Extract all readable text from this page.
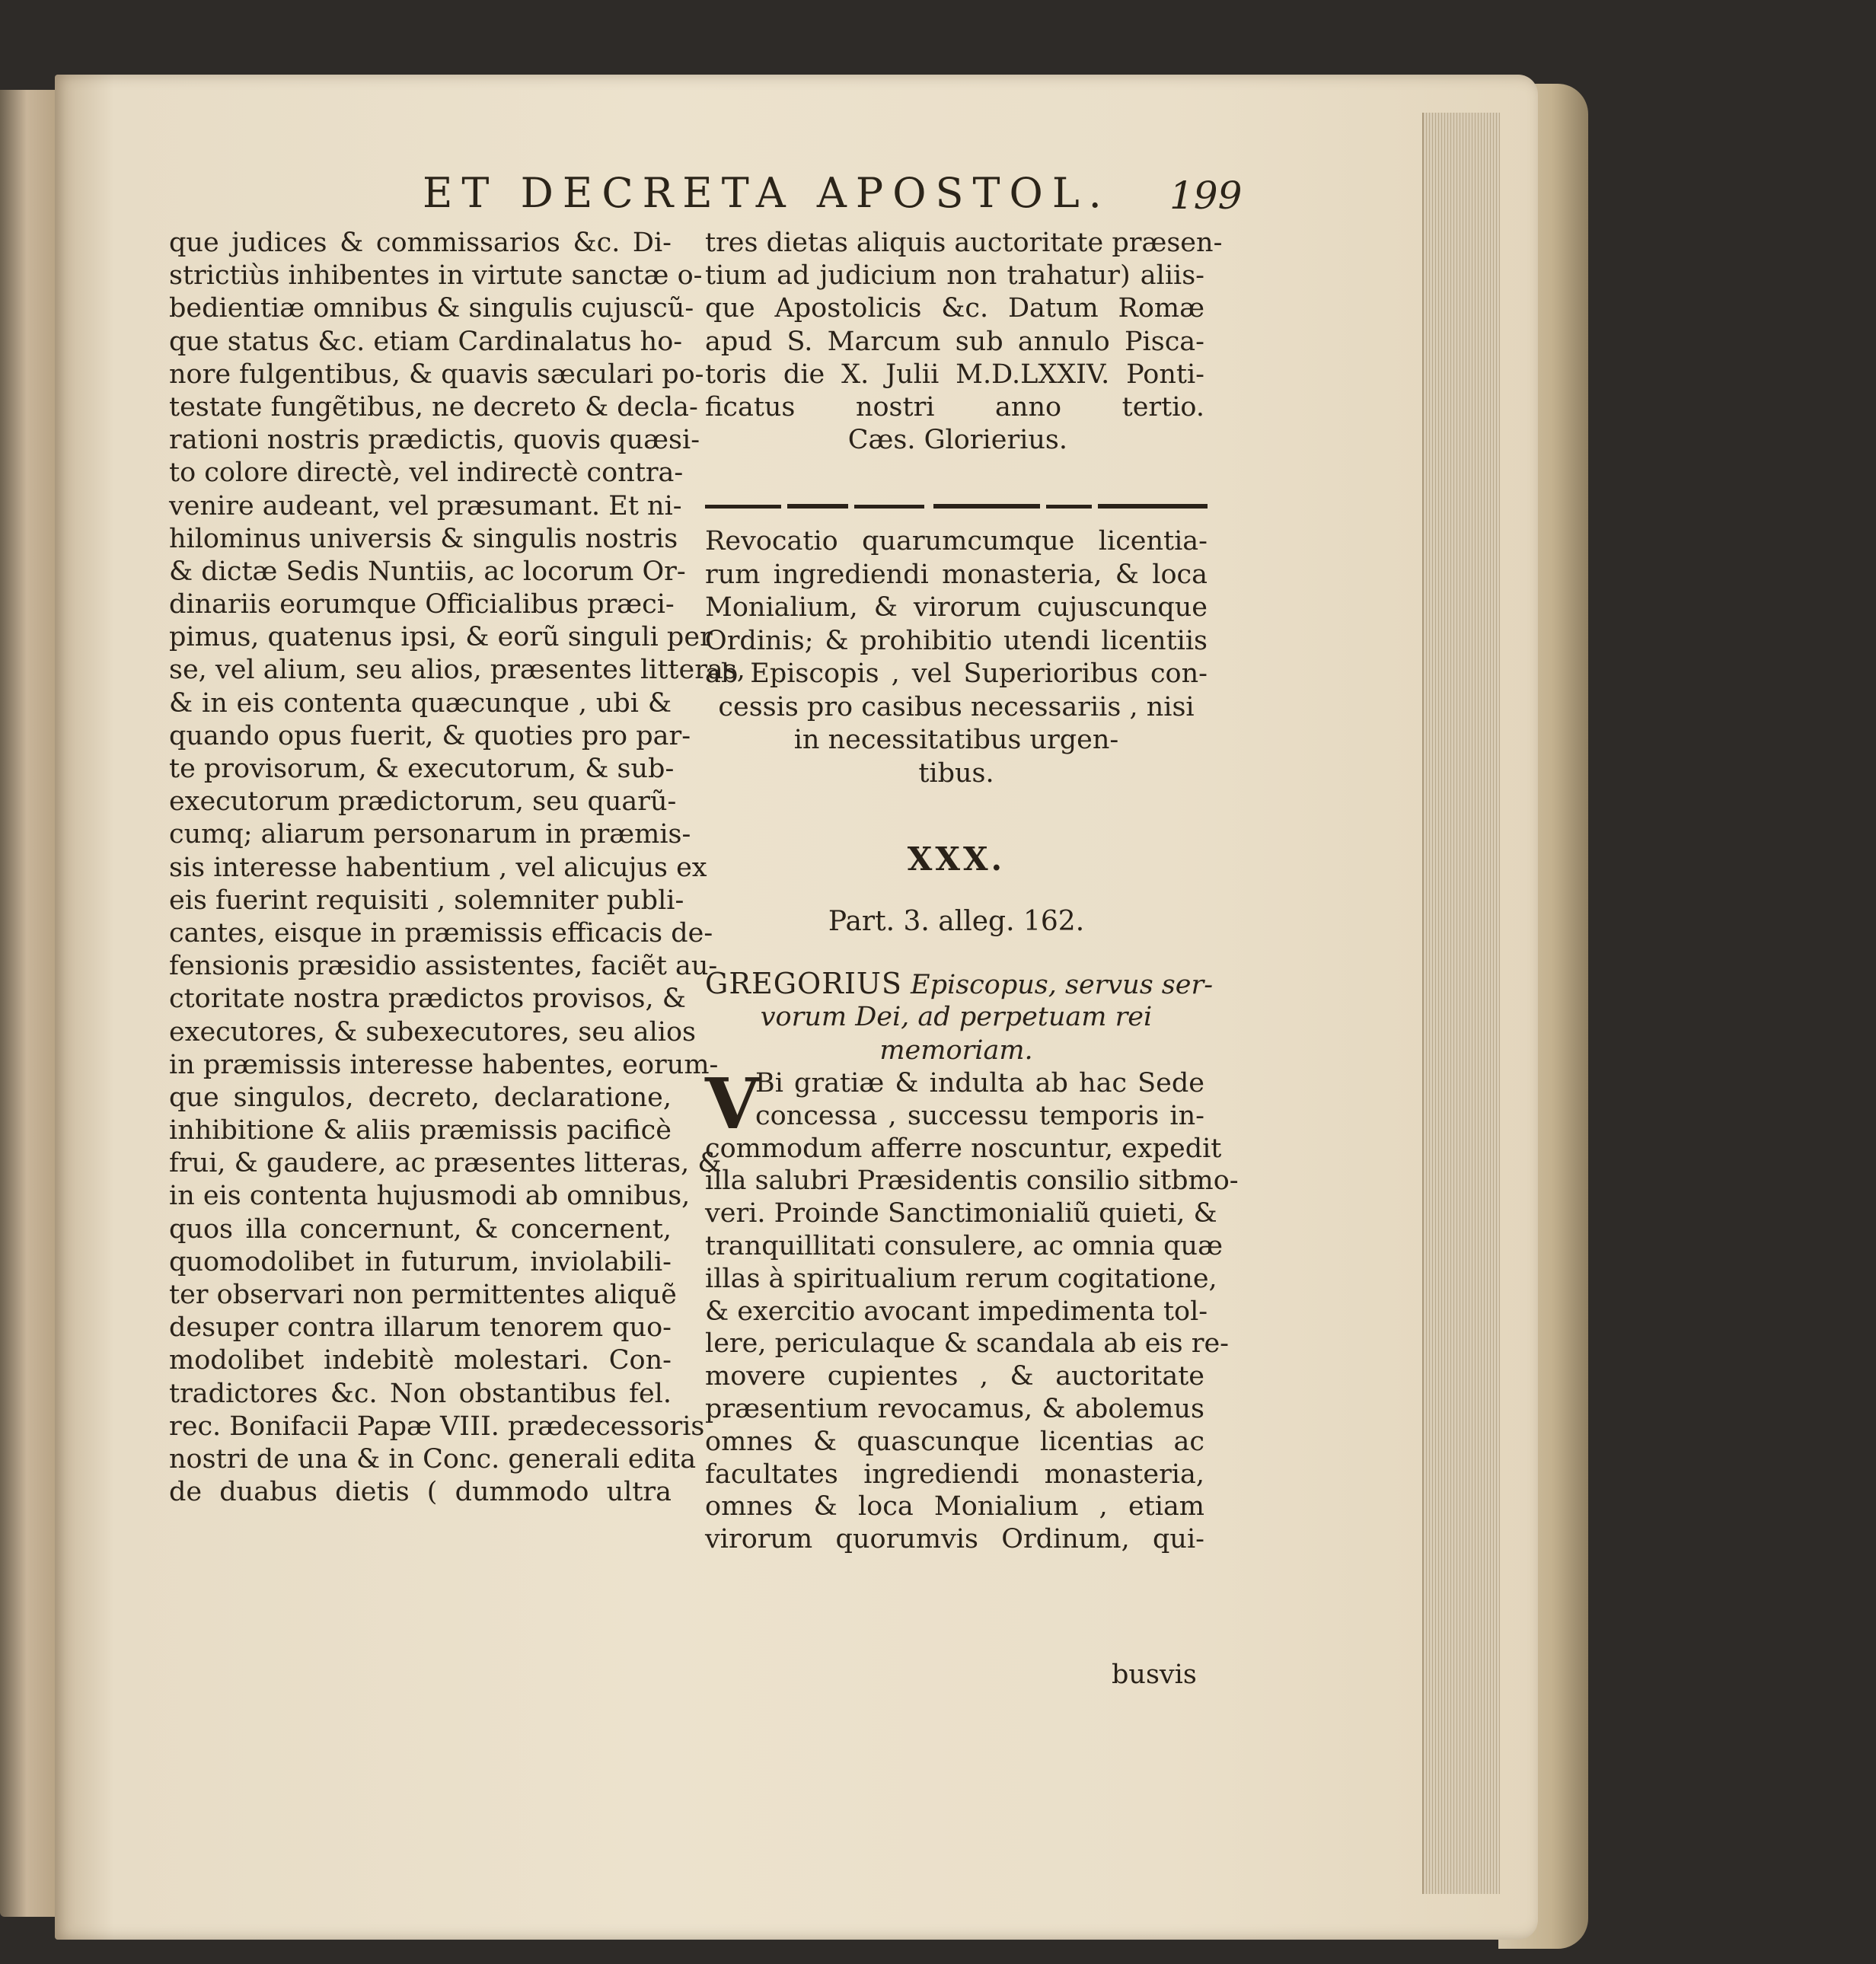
ET DECRETA APOSTOL. 199
que judices & commissarios &c. Di-
strictiùs inhibentes in virtute sanctæ o-
bedientiæ omnibus & singulis cujuscũ-
que status &c. etiam Cardinalatus ho-
nore fulgentibus, & quavis sæculari po-
testate fungẽtibus, ne decreto & decla-
rationi nostris prædictis, quovis quæsi-
to colore directè, vel indirectè contra-
venire audeant, vel præsumant. Et ni-
hilominus universis & singulis nostris
& dictæ Sedis Nuntiis, ac locorum Or-
dinariis eorumque Officialibus præci-
pimus, quatenus ipsi, & eorũ singuli per
se, vel alium, seu alios, præsentes litteras,
& in eis contenta quæcunque , ubi &
quando opus fuerit, & quoties pro par-
te provisorum, & executorum, & sub-
executorum prædictorum, seu quarũ-
cumq; aliarum personarum in præmis-
sis interesse habentium , vel alicujus ex
eis fuerint requisiti , solemniter publi-
cantes, eisque in præmissis efficacis de-
fensionis præsidio assistentes, faciẽt au-
ctoritate nostra prædictos provisos, &
executores, & subexecutores, seu alios
in præmissis interesse habentes, eorum-
que singulos, decreto, declaratione,
inhibitione & aliis præmissis pacificè
frui, & gaudere, ac præsentes litteras, &
in eis contenta hujusmodi ab omnibus,
quos illa concernunt, & concernent,
quomodolibet in futurum, inviolabili-
ter observari non permittentes aliquẽ
desuper contra illarum tenorem quo-
modolibet indebitè molestari. Con-
tradictores &c. Non obstantibus fel.
rec. Bonifacii Papæ VIII. prædecessoris
nostri de una & in Conc. generali edita
de duabus dietis ( dummodo ultra
tres dietas aliquis auctoritate præsen-
tium ad judicium non trahatur) aliis-
que Apostolicis &c. Datum Romæ
apud S. Marcum sub annulo Pisca-
toris die X. Julii M.D.LXXIV. Ponti-
ficatus nostri anno tertio.
Cæs. Glorierius.
Revocatio quarumcumque licentia-
rum ingrediendi monasteria, & loca
Monialium, & virorum cujuscunque
Ordinis; & prohibitio utendi licentiis
ab Episcopis , vel Superioribus con-
cessis pro casibus necessariis , nisi
in necessitatibus urgen-
tibus.
XXX.
Part. 3. alleg. 162.
GREGORIUS Episcopus, servus ser-
vorum Dei, ad perpetuam rei
memoriam.
V
Bi gratiæ & indulta ab hac Sede
concessa , successu temporis in-
commodum afferre noscuntur, expedit
illa salubri Præsidentis consilio sitbmo-
veri. Proinde Sanctimonialiũ quieti, &
tranquillitati consulere, ac omnia quæ
illas à spiritualium rerum cogitatione,
& exercitio avocant impedimenta tol-
lere, periculaque & scandala ab eis re-
movere cupientes , & auctoritate
præsentium revocamus, & abolemus
omnes & quascunque licentias ac
facultates ingrediendi monasteria,
omnes & loca Monialium , etiam
virorum quorumvis Ordinum, qui-
busvis
